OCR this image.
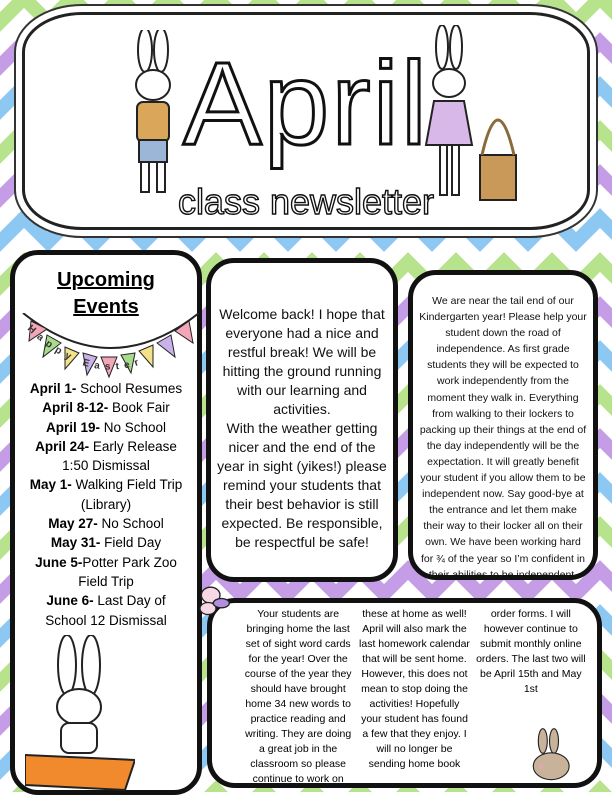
April
class newsletter
Upcoming
Events
Happy Easter
April 1- School Resumes
April 8-12- Book Fair
April 19- No School
April 24- Early Release 1:50 Dismissal
May 1- Walking Field Trip (Library)
May 27- No School
May 31- Field Day
June 5-Potter Park Zoo Field Trip
June 6- Last Day of School 12 Dismissal
Welcome back! I hope that everyone had a nice and restful break! We will be hitting the ground running with our learning and activities.
With the weather getting nicer and the end of the year in sight (yikes!) please remind your students that their best behavior is still expected. Be responsible, be respectful be safe!

We are near the tail end of our Kindergarten year! Please help your student down the road of independence. As first grade students they will be expected to work independently from the moment they walk in. Everything from walking to their lockers to packing up their things at the end of the day independently will be the expectation. It will greatly benefit your student if you allow them to be independent now. Say good-bye at the entrance and let them make their way to their locker all on their own. We have been working hard for ¾ of the year so I’m confident in their abilities to be independent.

Your students are bringing home the last set of sight word cards for the year! Over the course of the year they should have brought home 34 new words to practice reading and writing. They are doing a great job in the classroom so please continue to work on
these at home as well! April will also mark the last homework calendar that will be sent home. However, this does not mean to stop doing the activities! Hopefully your student has found a few that they enjoy. I will no longer be sending home book
order forms. I will however continue to submit monthly online orders. The last two will be April 15th and May 1st
